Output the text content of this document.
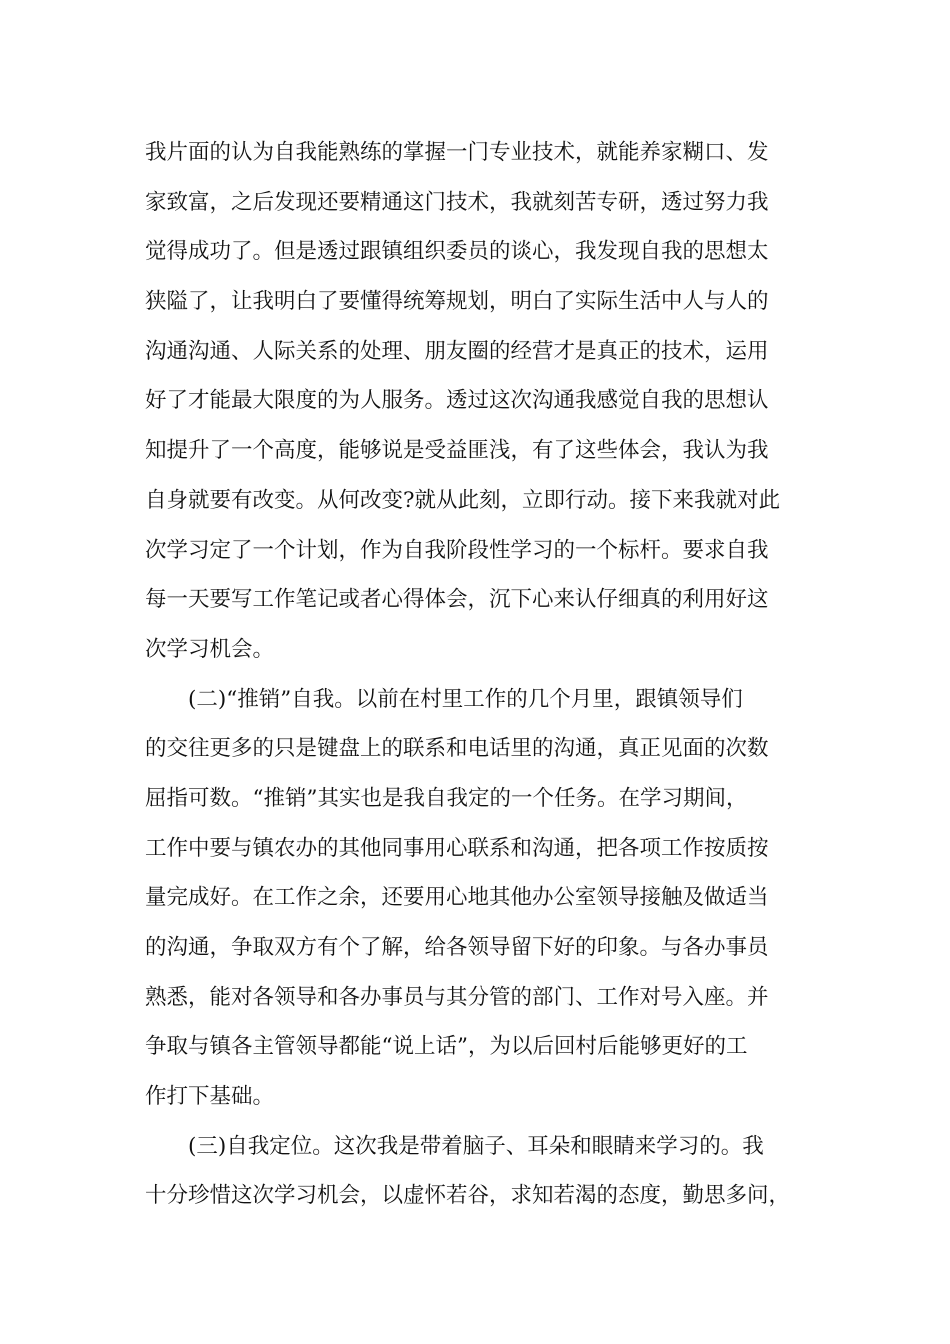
我片面的认为自我能熟练的掌握一门专业技术，就能养家糊口、发
家致富，之后发现还要精通这门技术，我就刻苦专研，透过努力我
觉得成功了。但是透过跟镇组织委员的谈心，我发现自我的思想太
狭隘了，让我明白了要懂得统筹规划，明白了实际生活中人与人的
沟通沟通、人际关系的处理、朋友圈的经营才是真正的技术，运用
好了才能最大限度的为人服务。透过这次沟通我感觉自我的思想认
知提升了一个高度，能够说是受益匪浅，有了这些体会，我认为我
自身就要有改变。从何改变?就从此刻，立即行动。接下来我就对此
次学习定了一个计划，作为自我阶段性学习的一个标杆。要求自我
每一天要写工作笔记或者心得体会，沉下心来认仔细真的利用好这
次学习机会。
(二)“推销”自我。以前在村里工作的几个月里，跟镇领导们
的交往更多的只是键盘上的联系和电话里的沟通，真正见面的次数
屈指可数。“推销”其实也是我自我定的一个任务。在学习期间，
工作中要与镇农办的其他同事用心联系和沟通，把各项工作按质按
量完成好。在工作之余，还要用心地其他办公室领导接触及做适当
的沟通，争取双方有个了解，给各领导留下好的印象。与各办事员
熟悉，能对各领导和各办事员与其分管的部门、工作对号入座。并
争取与镇各主管领导都能“说上话”，为以后回村后能够更好的工
作打下基础。
(三)自我定位。这次我是带着脑子、耳朵和眼睛来学习的。我
十分珍惜这次学习机会，以虚怀若谷，求知若渴的态度，勤思多问，
